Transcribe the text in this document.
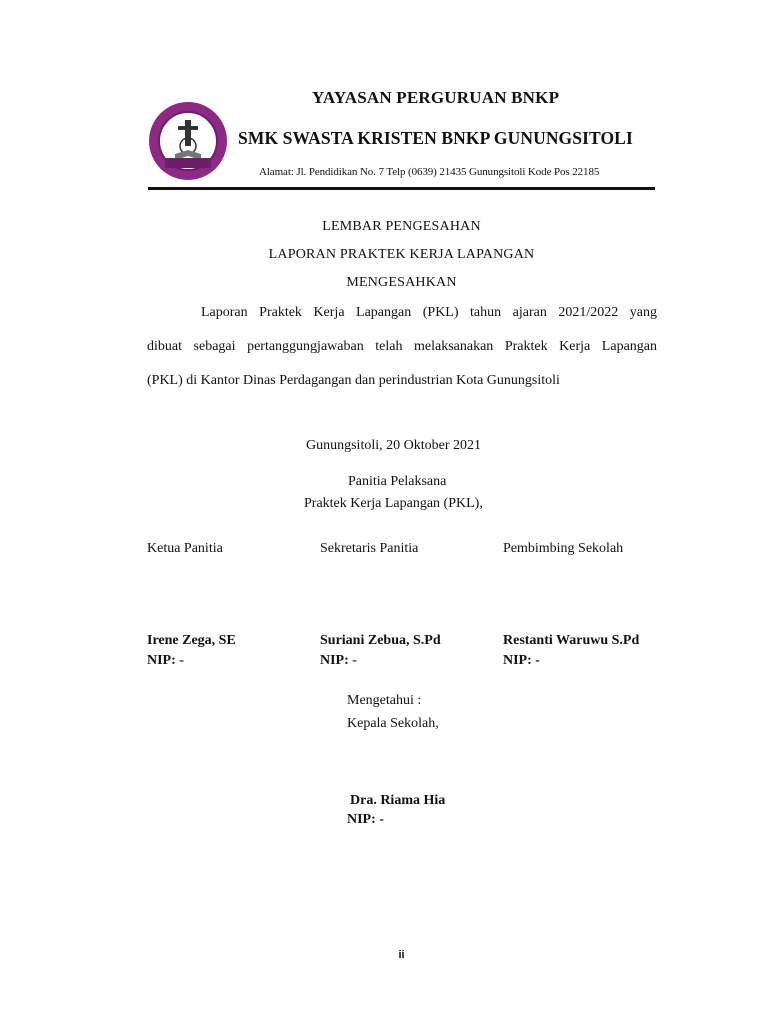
YAYASAN PERGURUAN BNKP
SMK SWASTA KRISTEN BNKP GUNUNGSITOLI
Alamat: Jl. Pendidikan No. 7 Telp (0639) 21435 Gunungsitoli Kode Pos 22185
LEMBAR PENGESAHAN
LAPORAN PRAKTEK KERJA LAPANGAN
MENGESAHKAN
Laporan Praktek Kerja Lapangan (PKL) tahun ajaran 2021/2022 yang
dibuat sebagai pertanggungjawaban telah melaksanakan Praktek Kerja Lapangan
(PKL) di Kantor Dinas Perdagangan dan perindustrian Kota Gunungsitoli
Gunungsitoli, 20 Oktober 2021
Panitia Pelaksana
Praktek Kerja Lapangan (PKL),
Ketua Panitia	Sekretaris Panitia	Pembimbing Sekolah
Irene Zega, SE	Suriani Zebua, S.Pd	Restanti Waruwu S.Pd
NIP: -	NIP: -	NIP: -
Mengetahui :
Kepala Sekolah,
Dra. Riama Hia
NIP: -
ii
